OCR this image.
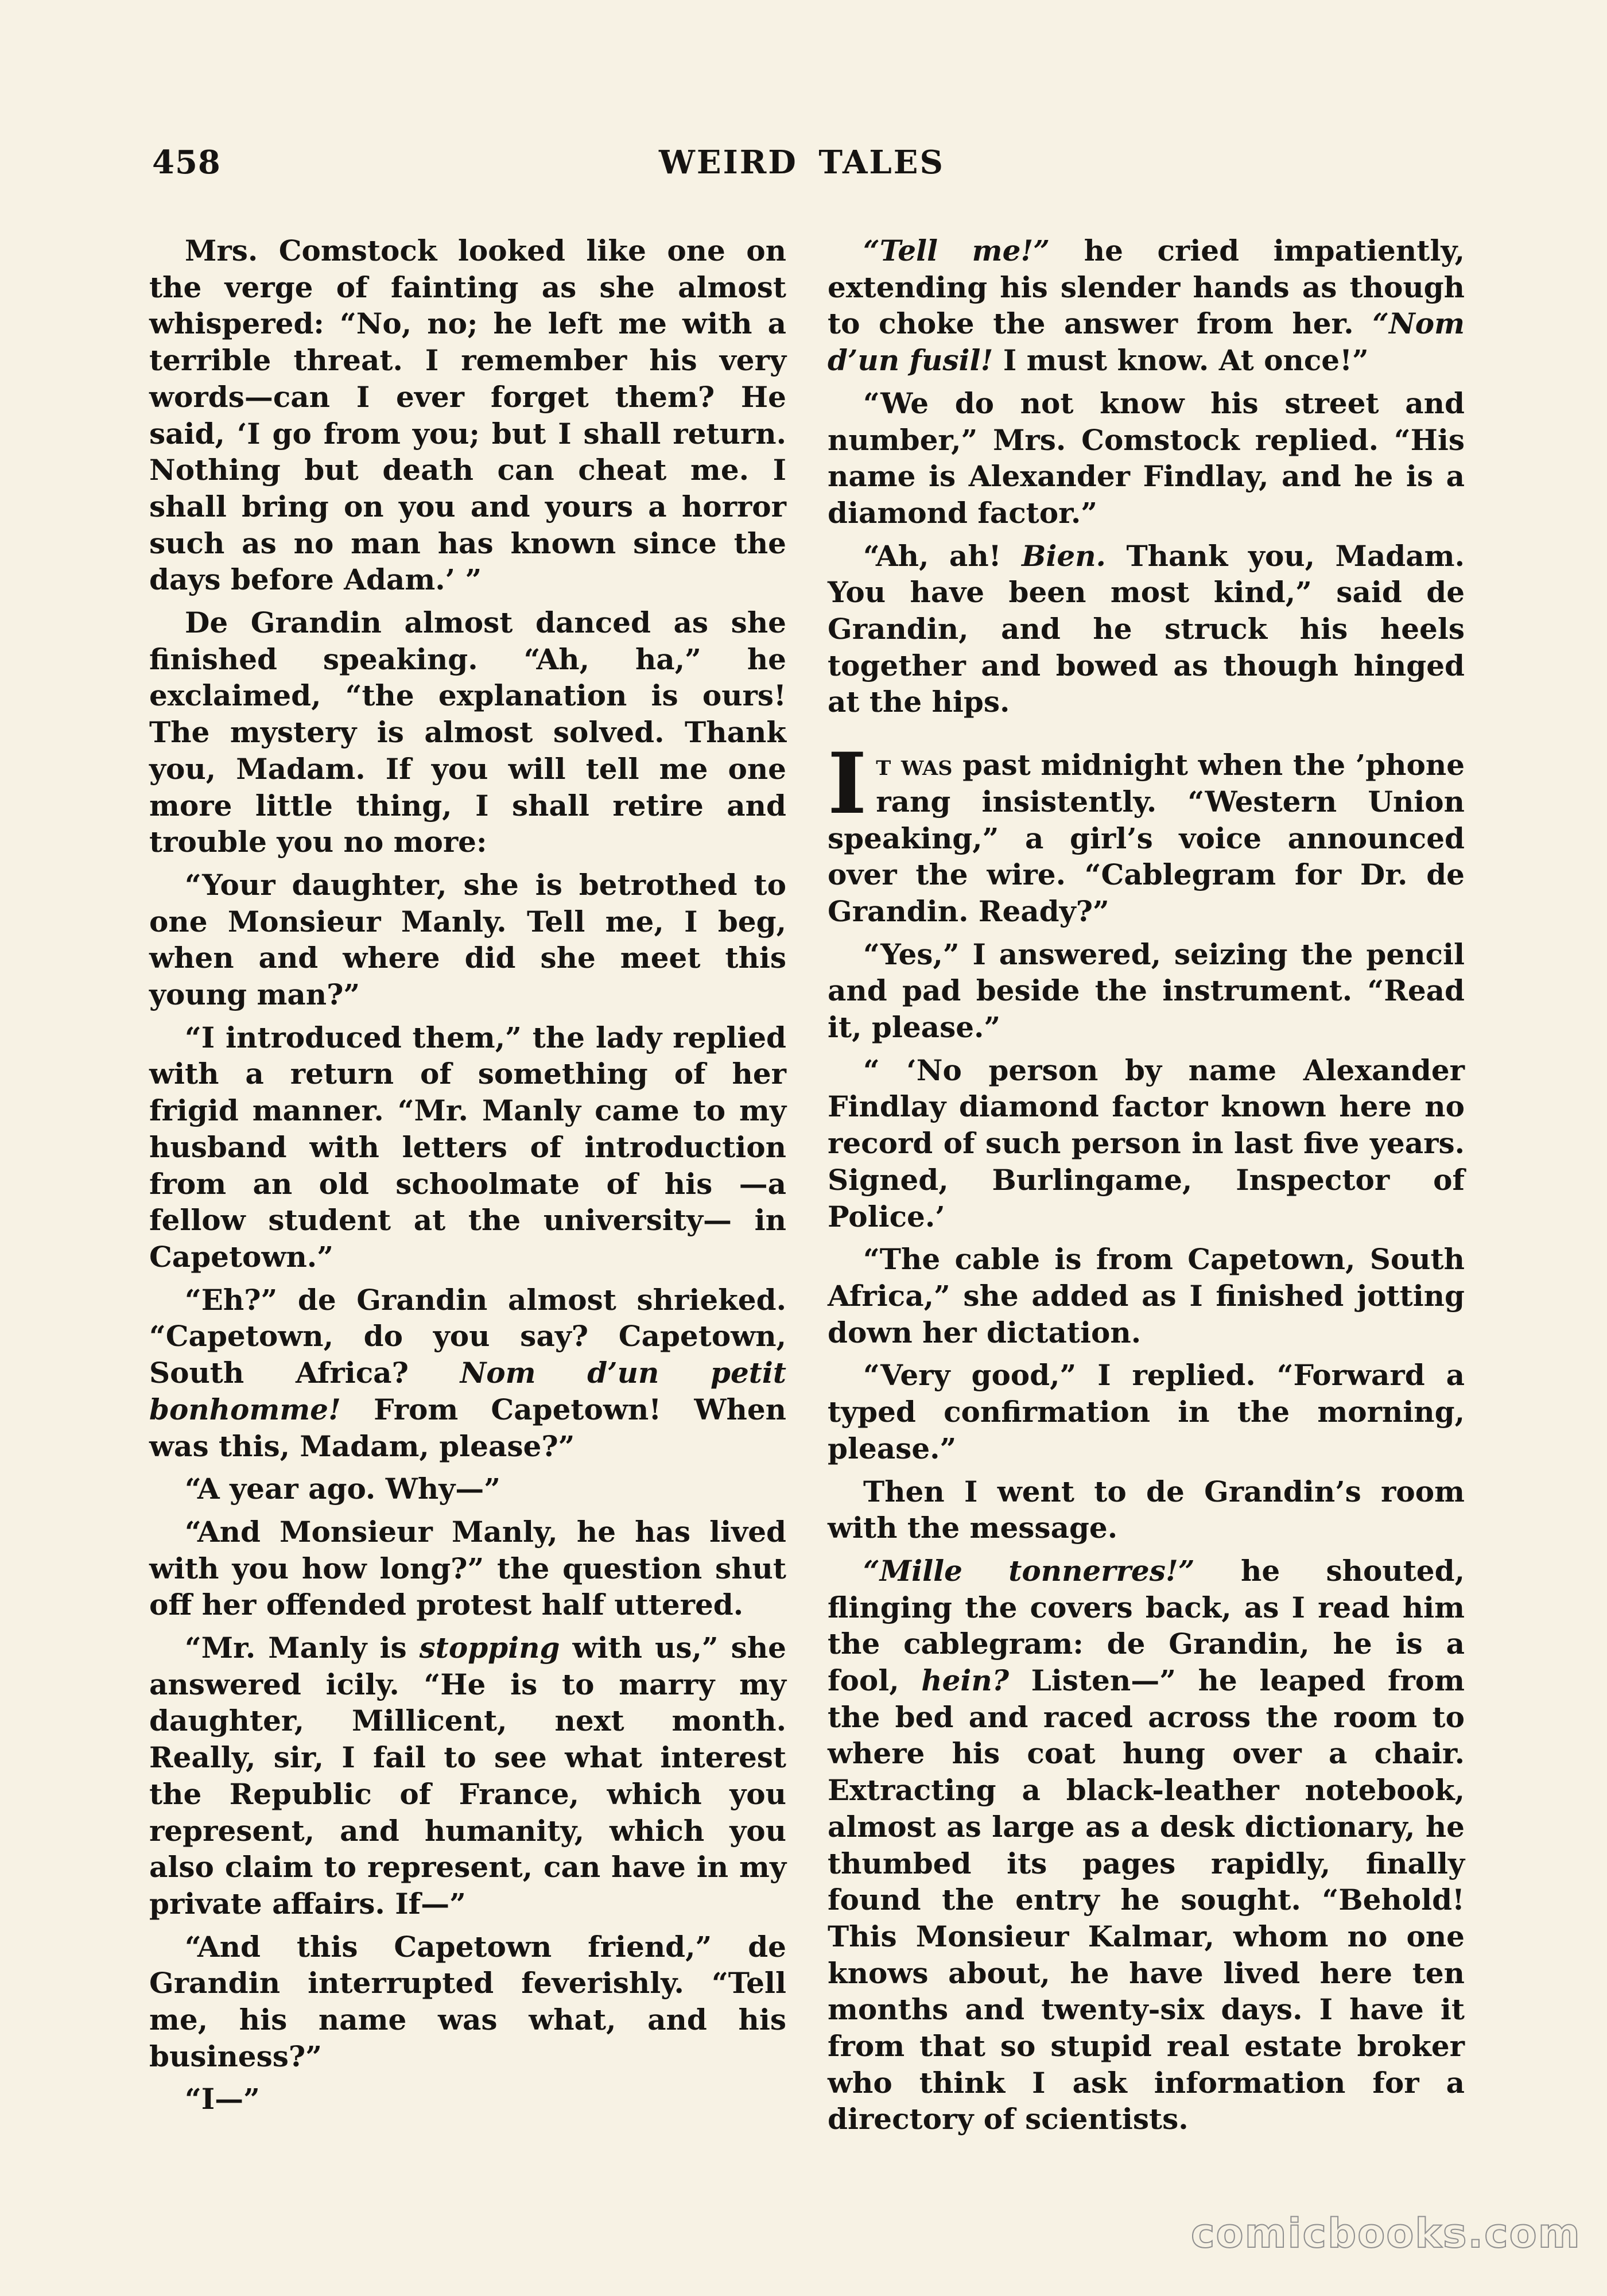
458	WEIRD TALES

Mrs. Comstock looked like one on the verge of fainting as she almost whispered: “No, no; he left me with a terrible threat. I remember his very words—can I ever forget them? He said, ‘I go from you; but I shall return. Nothing but death can cheat me. I shall bring on you and yours a horror such as no man has known since the days before Adam.’ ”

De Grandin almost danced as she finished speaking. “Ah, ha,” he exclaimed, “the explanation is ours! The mystery is almost solved. Thank you, Madam. If you will tell me one more little thing, I shall retire and trouble you no more:

“Your daughter, she is betrothed to one Monsieur Manly. Tell me, I beg, when and where did she meet this young man?”

“I introduced them,” the lady replied with a return of something of her frigid manner. “Mr. Manly came to my husband with letters of introduction from an old schoolmate of his —a fellow student at the university— in Capetown.”

“Eh?” de Grandin almost shrieked. “Capetown, do you say? Capetown, South Africa? Nom d’un petit bonhomme! From Capetown! When was this, Madam, please?”

“A year ago. Why—”

“And Monsieur Manly, he has lived with you how long?” the question shut off her offended protest half uttered.

“Mr. Manly is stopping with us,” she answered icily. “He is to marry my daughter, Millicent, next month. Really, sir, I fail to see what interest the Republic of France, which you represent, and humanity, which you also claim to represent, can have in my private affairs. If—”

“And this Capetown friend,” de Grandin interrupted feverishly. “Tell me, his name was what, and his business?”

“I—”

“Tell me!” he cried impatiently, extending his slender hands as though to choke the answer from her. “Nom d’un fusil! I must know. At once!”

“We do not know his street and number,” Mrs. Comstock replied. “His name is Alexander Findlay, and he is a diamond factor.”

“Ah, ah! Bien. Thank you, Madam. You have been most kind,” said de Grandin, and he struck his heels together and bowed as though hinged at the hips.

It was past midnight when the ’phone rang insistently. “Western Union speaking,” a girl’s voice announced over the wire. “Cablegram for Dr. de Grandin. Ready?”

“Yes,” I answered, seizing the pencil and pad beside the instrument. “Read it, please.”

“ ‘No person by name Alexander Findlay diamond factor known here no record of such person in last five years. Signed, Burlingame, Inspector of Police.’

“The cable is from Capetown, South Africa,” she added as I finished jotting down her dictation.

“Very good,” I replied. “Forward a typed confirmation in the morning, please.”

Then I went to de Grandin’s room with the message.

“Mille tonnerres!” he shouted, flinging the covers back, as I read him the cablegram: de Grandin, he is a fool, hein? Listen—” he leaped from the bed and raced across the room to where his coat hung over a chair. Extracting a black-leather notebook, almost as large as a desk dictionary, he thumbed its pages rapidly, finally found the entry he sought. “Behold! This Monsieur Kalmar, whom no one knows about, he have lived here ten months and twenty-six days. I have it from that so stupid real estate broker who think I ask information for a directory of scientists.

comicbooks.com
